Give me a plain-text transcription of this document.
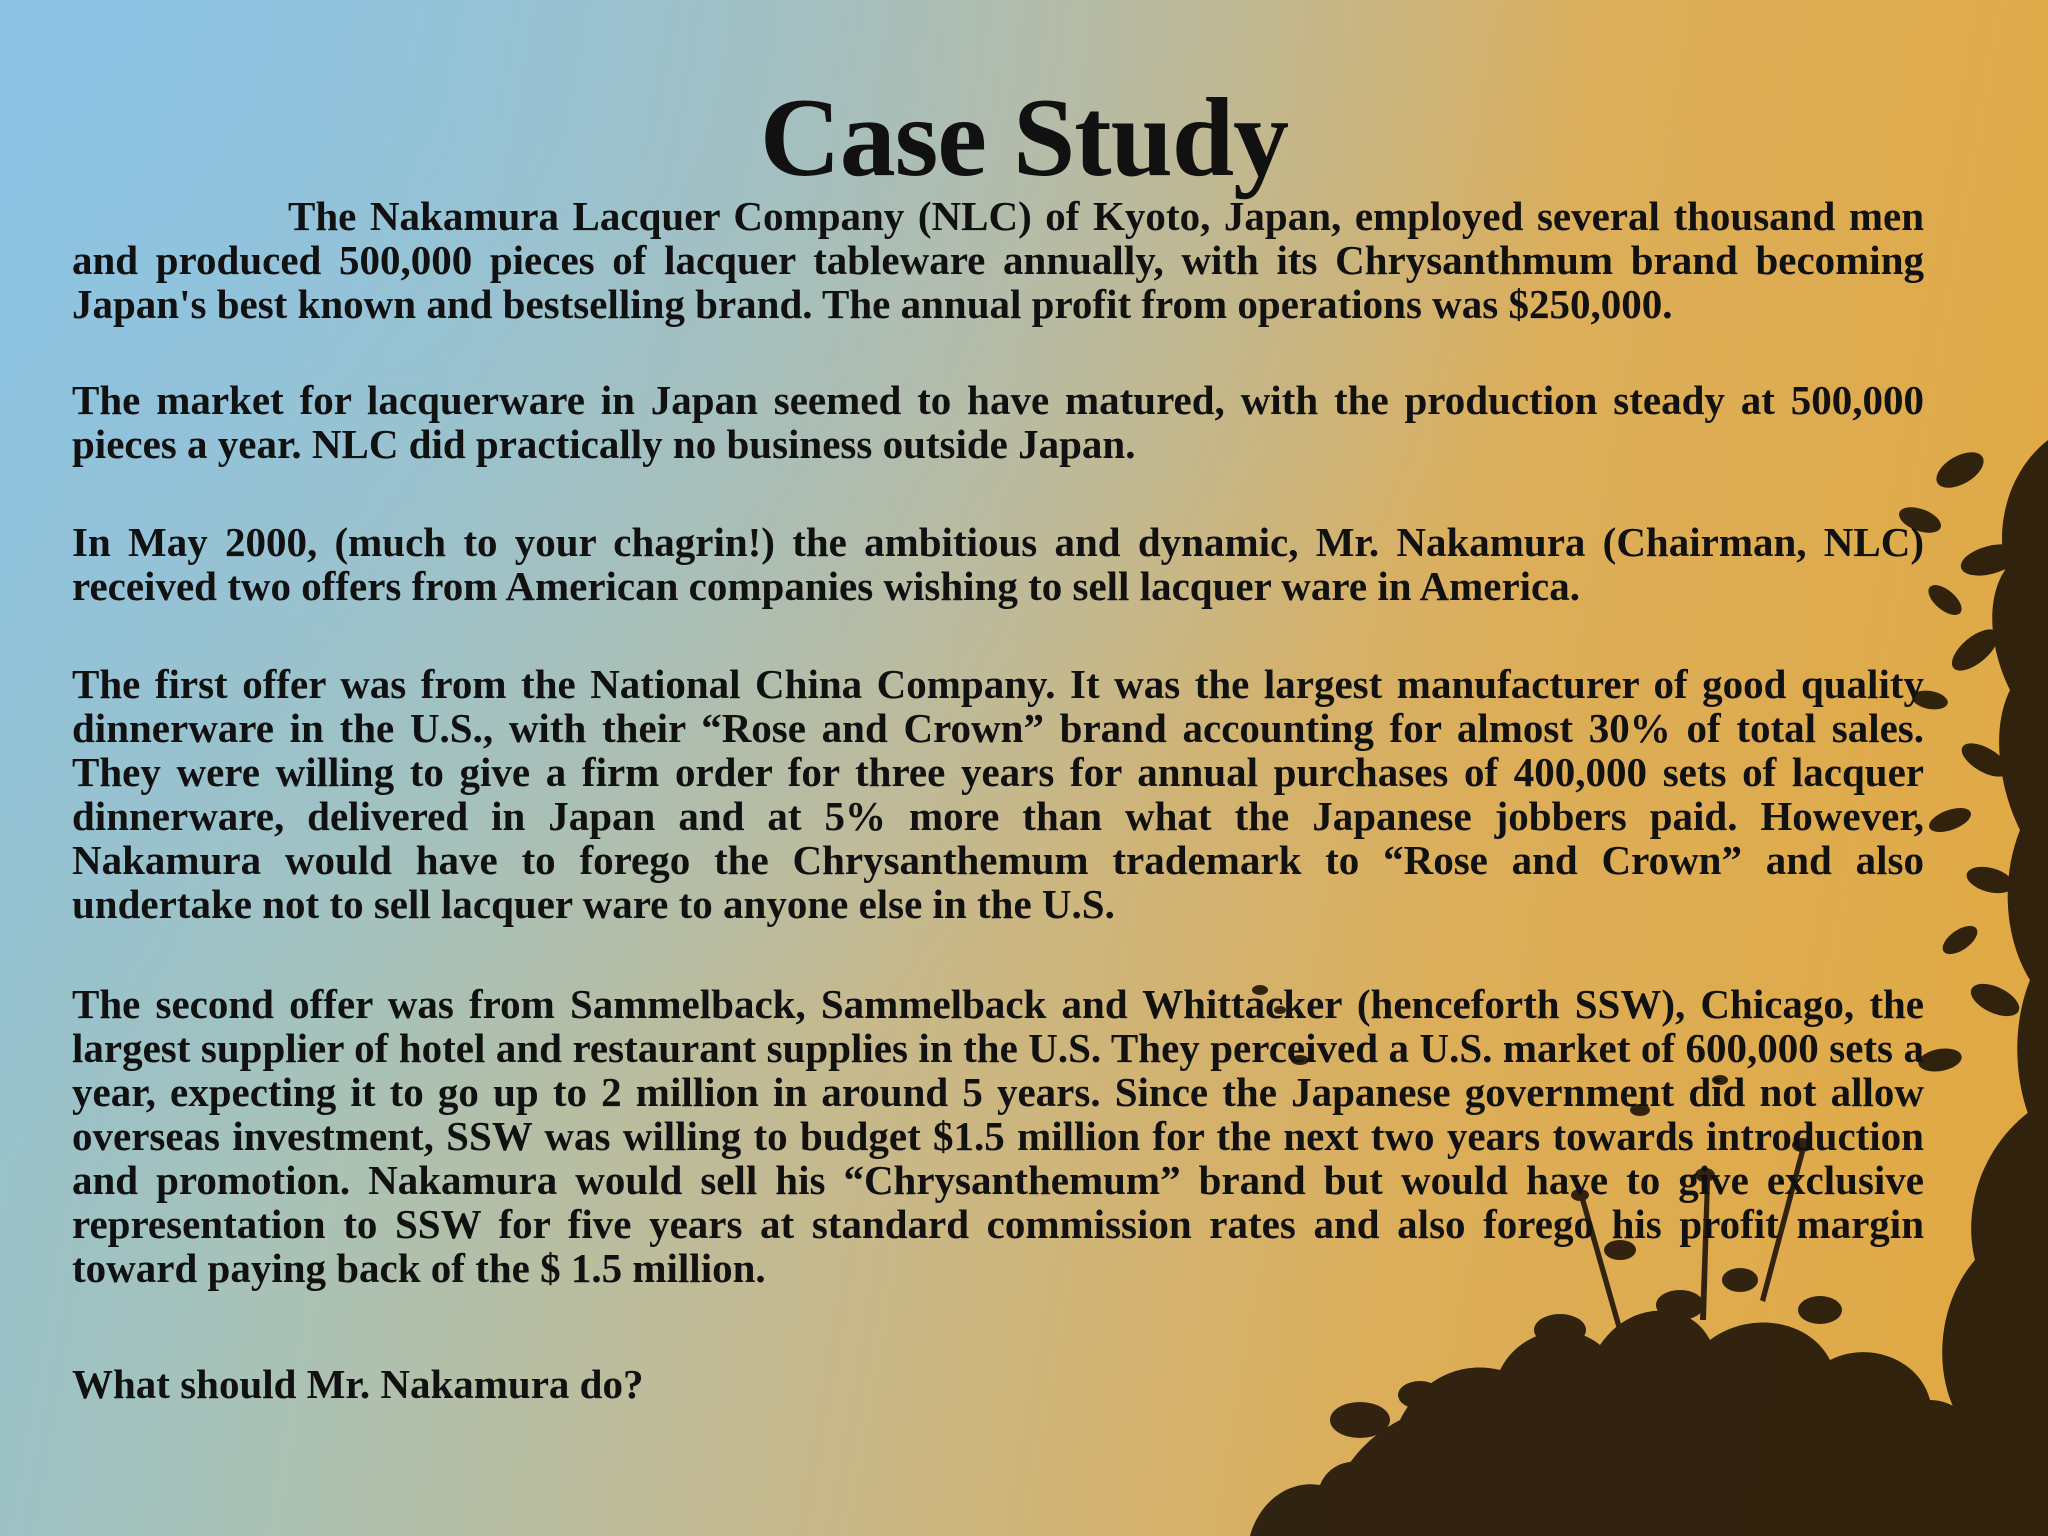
Case Study

The Nakamura Lacquer Company (NLC) of Kyoto, Japan, employed several thousand men and produced 500,000 pieces of lacquer tableware annually, with its Chrysanthmum brand becoming Japan's best known and bestselling brand. The annual profit from operations was $250,000.

The market for lacquerware in Japan seemed to have matured, with the production steady at 500,000 pieces a year. NLC did practically no business outside Japan.

In May 2000, (much to your chagrin!) the ambitious and dynamic, Mr. Nakamura (Chairman, NLC) received two offers from American companies wishing to sell lacquer ware in America.

The first offer was from the National China Company. It was the largest manufacturer of good quality dinnerware in the U.S., with their “Rose and Crown” brand accounting for almost 30% of total sales. They were willing to give a firm order for three years for annual purchases of 400,000 sets of lacquer dinnerware, delivered in Japan and at 5% more than what the Japanese jobbers paid. However, Nakamura would have to forego the Chrysanthemum trademark to “Rose and Crown” and also undertake not to sell lacquer ware to anyone else in the U.S.

The second offer was from Sammelback, Sammelback and Whittacker (henceforth SSW), Chicago, the largest supplier of hotel and restaurant supplies in the U.S. They perceived a U.S. market of 600,000 sets a year, expecting it to go up to 2 million in around 5 years. Since the Japanese government did not allow overseas investment, SSW was willing to budget $1.5 million for the next two years towards introduction and promotion. Nakamura would sell his “Chrysanthemum” brand but would have to give exclusive representation to SSW for five years at standard commission rates and also forego his profit margin toward paying back of the $ 1.5 million.

What should Mr. Nakamura do?
